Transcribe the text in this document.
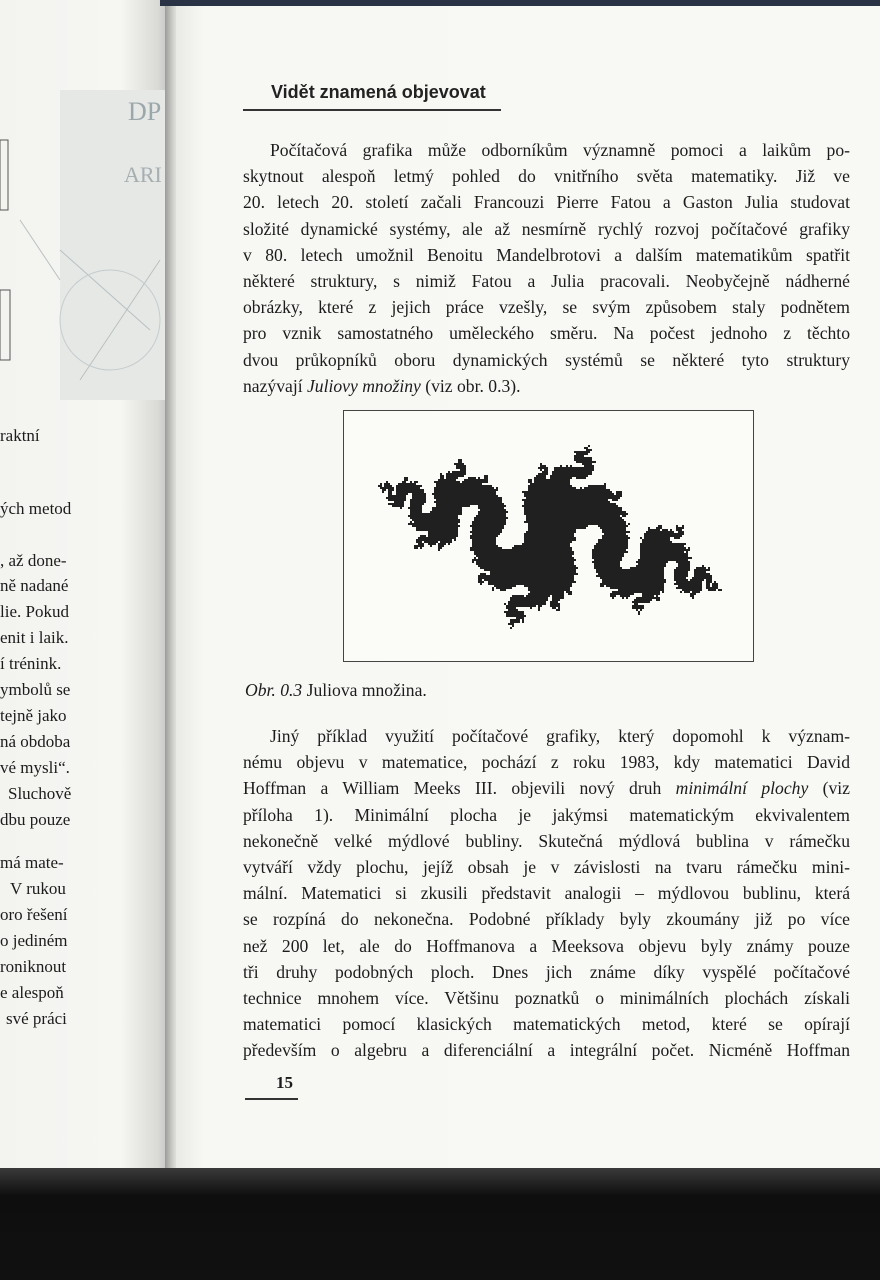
DP
ARI
raktní
ých metod
, až done-
ně nadané
lie. Pokud
enit i laik.
í trénink.
ymbolů se
tejně jako
ná obdoba
vé mysli“.
Sluchově
dbu pouze
má mate-
V rukou
oro řešení
o jediném
roniknout
e alespoň
své práci
Vidět znamená objevovat
Počítačová grafika může odborníkům významně pomoci a laikům po-
skytnout alespoň letmý pohled do vnitřního světa matematiky. Již ve
20. letech 20. století začali Francouzi Pierre Fatou a Gaston Julia studovat
složité dynamické systémy, ale až nesmírně rychlý rozvoj počítačové grafiky
v 80. letech umožnil Benoitu Mandelbrotovi a dalším matematikům spatřit
některé struktury, s nimiž Fatou a Julia pracovali. Neobyčejně nádherné
obrázky, které z jejich práce vzešly, se svým způsobem staly podnětem
pro vznik samostatného uměleckého směru. Na počest jednoho z těchto
dvou průkopníků oboru dynamických systémů se některé tyto struktury
nazývají Juliovy množiny (viz obr. 0.3).
Obr. 0.3 Juliova množina.
Jiný příklad využití počítačové grafiky, který dopomohl k význam-
nému objevu v matematice, pochází z roku 1983, kdy matematici David
Hoffman a William Meeks III. objevili nový druh minimální plochy (viz
příloha 1). Minimální plocha je jakýmsi matematickým ekvivalentem
nekonečně velké mýdlové bubliny. Skutečná mýdlová bublina v rámečku
vytváří vždy plochu, jejíž obsah je v závislosti na tvaru rámečku mini-
mální. Matematici si zkusili představit analogii – mýdlovou bublinu, která
se rozpíná do nekonečna. Podobné příklady byly zkoumány již po více
než 200 let, ale do Hoffmanova a Meeksova objevu byly známy pouze
tři druhy podobných ploch. Dnes jich známe díky vyspělé počítačové
technice mnohem více. Většinu poznatků o minimálních plochách získali
matematici pomocí klasických matematických metod, které se opírají
především o algebru a diferenciální a integrální počet. Nicméně Hoffman
15
